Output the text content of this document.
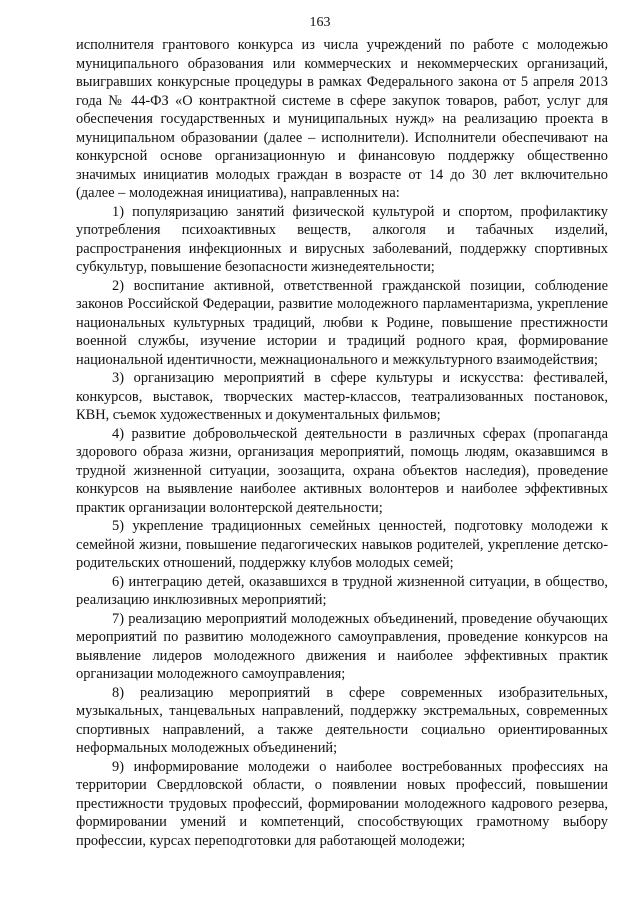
163

исполнителя грантового конкурса из числа учреждений по работе с молодежью муниципального образования или коммерческих и некоммерческих организаций, выигравших конкурсные процедуры в рамках Федерального закона от 5 апреля 2013 года № 44-ФЗ «О контрактной системе в сфере закупок товаров, работ, услуг для обеспечения государственных и муниципальных нужд» на реализацию проекта в муниципальном образовании (далее – исполнители). Исполнители обеспечивают на конкурсной основе организационную и финансовую поддержку общественно значимых инициатив молодых граждан в возрасте от 14 до 30 лет включительно (далее – молодежная инициатива), направленных на:

1) популяризацию занятий физической культурой и спортом, профилактику употребления психоактивных веществ, алкоголя и табачных изделий, распространения инфекционных и вирусных заболеваний, поддержку спортивных субкультур, повышение безопасности жизнедеятельности;

2) воспитание активной, ответственной гражданской позиции, соблюдение законов Российской Федерации, развитие молодежного парламентаризма, укрепление национальных культурных традиций, любви к Родине, повышение престижности военной службы, изучение истории и традиций родного края, формирование национальной идентичности, межнационального и межкультурного взаимодействия;

3) организацию мероприятий в сфере культуры и искусства: фестивалей, конкурсов, выставок, творческих мастер-классов, театрализованных постановок, КВН, съемок художественных и документальных фильмов;

4) развитие добровольческой деятельности в различных сферах (пропаганда здорового образа жизни, организация мероприятий, помощь людям, оказавшимся в трудной жизненной ситуации, зоозащита, охрана объектов наследия), проведение конкурсов на выявление наиболее активных волонтеров и наиболее эффективных практик организации волонтерской деятельности;

5) укрепление традиционных семейных ценностей, подготовку молодежи к семейной жизни, повышение педагогических навыков родителей, укрепление детско-родительских отношений, поддержку клубов молодых семей;

6) интеграцию детей, оказавшихся в трудной жизненной ситуации, в общество, реализацию инклюзивных мероприятий;

7) реализацию мероприятий молодежных объединений, проведение обучающих мероприятий по развитию молодежного самоуправления, проведение конкурсов на выявление лидеров молодежного движения и наиболее эффективных практик организации молодежного самоуправления;

8) реализацию мероприятий в сфере современных изобразительных, музыкальных, танцевальных направлений, поддержку экстремальных, современных спортивных направлений, а также деятельности социально ориентированных неформальных молодежных объединений;

9) информирование молодежи о наиболее востребованных профессиях на территории Свердловской области, о появлении новых профессий, повышении престижности трудовых профессий, формировании молодежного кадрового резерва, формировании умений и компетенций, способствующих грамотному выбору профессии, курсах переподготовки для работающей молодежи;
